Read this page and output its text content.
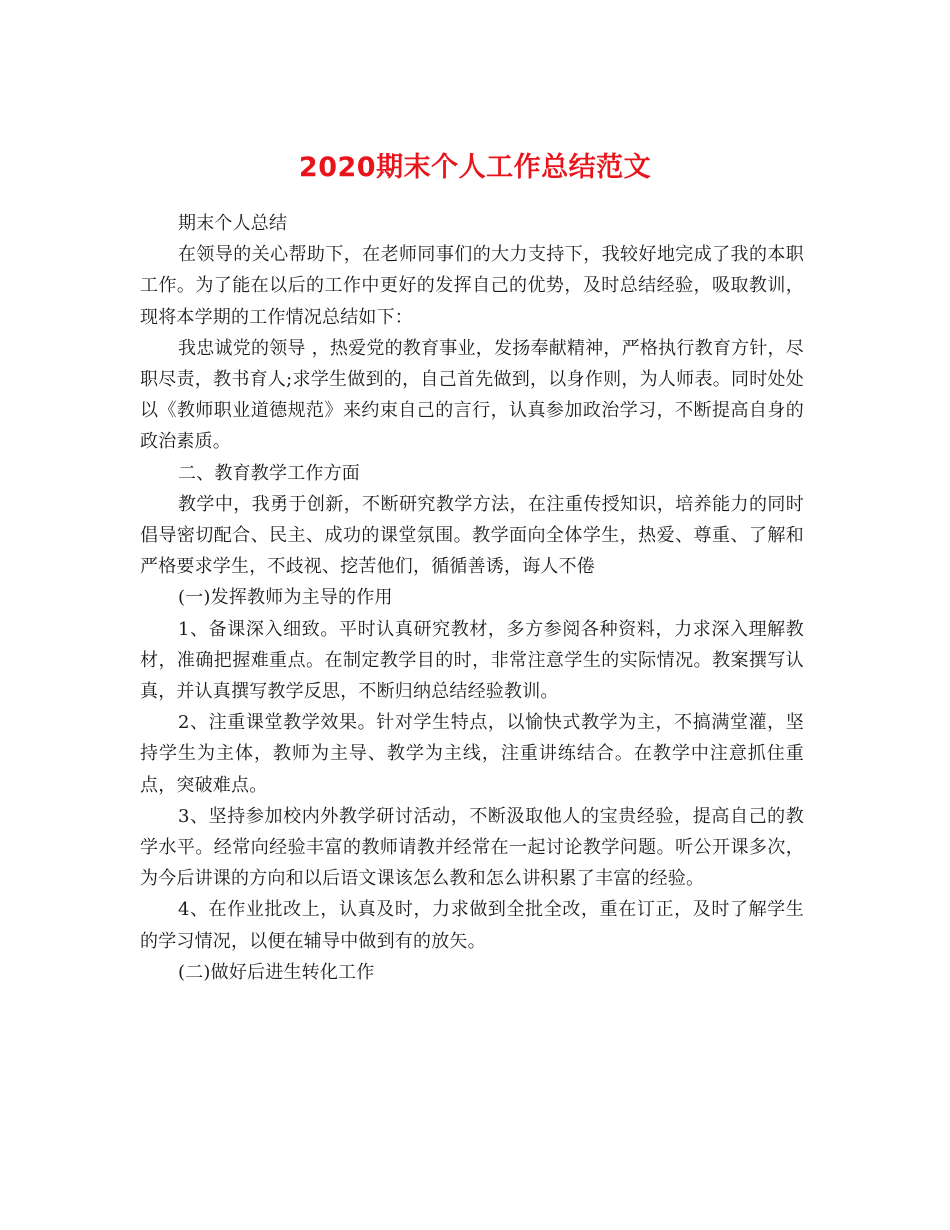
2020期末个人工作总结范文

期末个人总结

在领导的关心帮助下，在老师同事们的大力支持下，我较好地完成了我的本职工作。为了能在以后的工作中更好的发挥自己的优势，及时总结经验，吸取教训，现将本学期的工作情况总结如下：

我忠诚党的领导 ，热爱党的教育事业，发扬奉献精神，严格执行教育方针，尽职尽责，教书育人;求学生做到的，自己首先做到，以身作则，为人师表。同时处处以《教师职业道德规范》来约束自己的言行，认真参加政治学习，不断提高自身的政治素质。

二、教育教学工作方面

教学中，我勇于创新，不断研究教学方法，在注重传授知识，培养能力的同时倡导密切配合、民主、成功的课堂氛围。教学面向全体学生，热爱、尊重、了解和严格要求学生，不歧视、挖苦他们，循循善诱，诲人不倦

(一)发挥教师为主导的作用

1、备课深入细致。平时认真研究教材，多方参阅各种资料，力求深入理解教材，准确把握难重点。在制定教学目的时，非常注意学生的实际情况。教案撰写认真，并认真撰写教学反思，不断归纳总结经验教训。

2、注重课堂教学效果。针对学生特点，以愉快式教学为主，不搞满堂灌，坚持学生为主体，教师为主导、教学为主线，注重讲练结合。在教学中注意抓住重点，突破难点。

3、坚持参加校内外教学研讨活动，不断汲取他人的宝贵经验，提高自己的教学水平。经常向经验丰富的教师请教并经常在一起讨论教学问题。听公开课多次，为今后讲课的方向和以后语文课该怎么教和怎么讲积累了丰富的经验。

4、在作业批改上，认真及时，力求做到全批全改，重在订正，及时了解学生的学习情况，以便在辅导中做到有的放矢。

(二)做好后进生转化工作
